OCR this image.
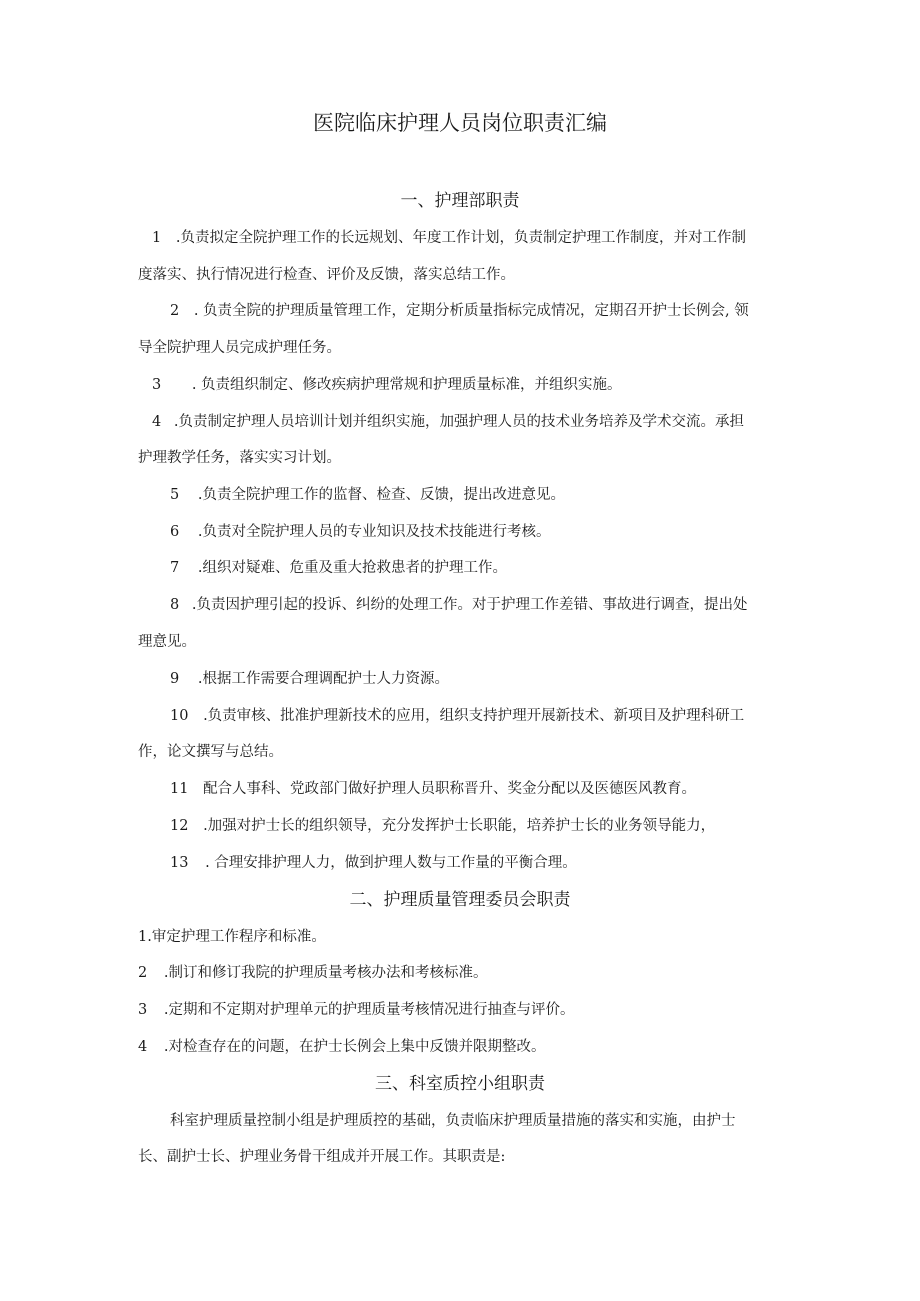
医院临床护理人员岗位职责汇编
一、护理部职责
1 .负责拟定全院护理工作的长远规划、年度工作计划，负责制定护理工作制度，并对工作制
度落实、执行情况进行检查、评价及反馈，落实总结工作。
2 . 负责全院的护理质量管理工作，定期分析质量指标完成情况，定期召开护士长例会, 领
导全院护理人员完成护理任务。
3 . 负责组织制定、修改疾病护理常规和护理质量标准，并组织实施。
4 .负责制定护理人员培训计划并组织实施，加强护理人员的技术业务培养及学术交流。承担
护理教学任务，落实实习计划。
5 .负责全院护理工作的监督、检查、反馈，提出改进意见。
6 .负责对全院护理人员的专业知识及技术技能进行考核。
7 .组织对疑难、危重及重大抢救患者的护理工作。
8 .负责因护理引起的投诉、纠纷的处理工作。对于护理工作差错、事故进行调查，提出处
理意见。
9 .根据工作需要合理调配护士人力资源。
10 .负责审核、批准护理新技术的应用，组织支持护理开展新技术、新项目及护理科研工
作，论文撰写与总结。
11 配合人事科、党政部门做好护理人员职称晋升、奖金分配以及医德医风教育。
12 .加强对护士长的组织领导，充分发挥护士长职能，培养护士长的业务领导能力，
13 . 合理安排护理人力，做到护理人数与工作量的平衡合理。
二、护理质量管理委员会职责
1.审定护理工作程序和标准。
2 .制订和修订我院的护理质量考核办法和考核标准。
3 .定期和不定期对护理单元的护理质量考核情况进行抽查与评价。
4 .对检查存在的问题，在护士长例会上集中反馈并限期整改。
三、科室质控小组职责
科室护理质量控制小组是护理质控的基础，负责临床护理质量措施的落实和实施，由护士
长、副护士长、护理业务骨干组成并开展工作。其职责是:
